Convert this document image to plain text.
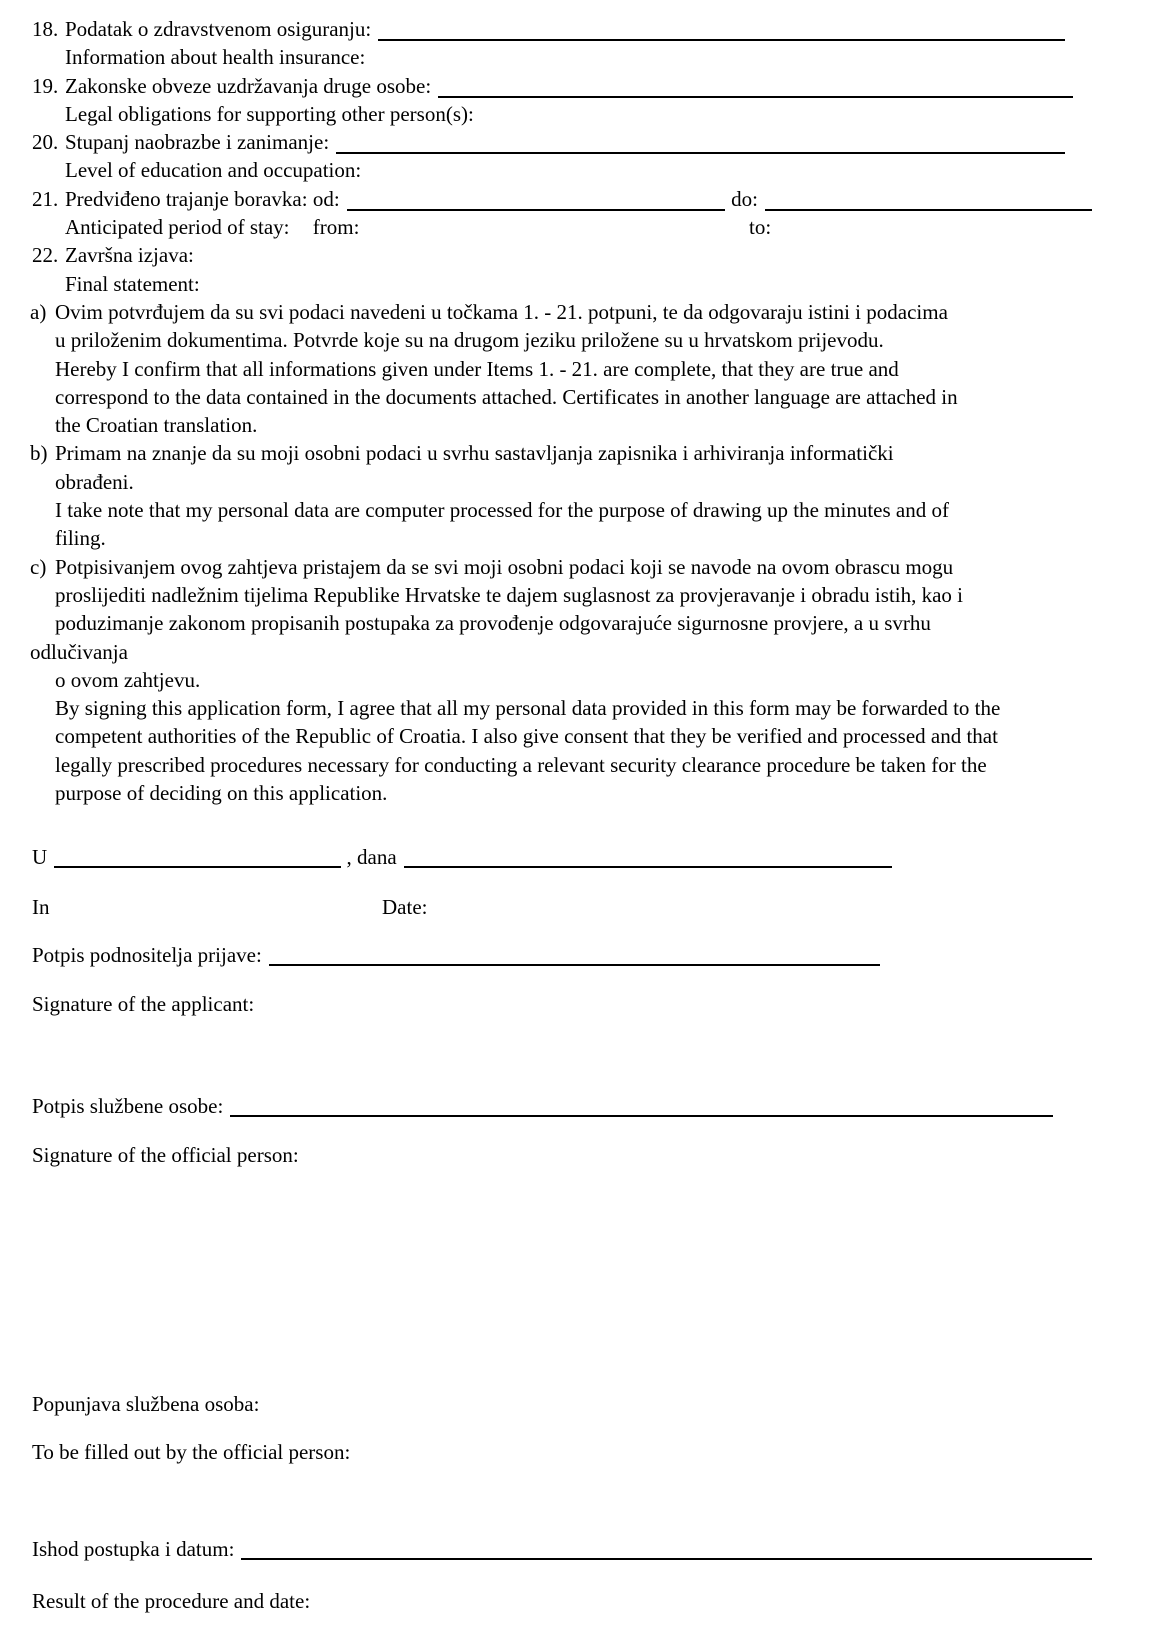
18. Podatak o zdravstvenom osiguranju:
Information about health insurance:
19. Zakonske obveze uzdržavanja druge osobe:
Legal obligations for supporting other person(s):
20. Stupanj naobrazbe i zanimanje:
Level of education and occupation:
21. Predviđeno trajanje boravka: od:	do:
Anticipated period of stay: from:	to:
22. Završna izjava:
Final statement:
a) Ovim potvrđujem da su svi podaci navedeni u točkama 1. - 21. potpuni, te da odgovaraju istini i podacima
u priloženim dokumentima. Potvrde koje su na drugom jeziku priložene su u hrvatskom prijevodu.
Hereby I confirm that all informations given under Items 1. - 21. are complete, that they are true and
correspond to the data contained in the documents attached. Certificates in another language are attached in
the Croatian translation.
b) Primam na znanje da su moji osobni podaci u svrhu sastavljanja zapisnika i arhiviranja informatički
obrađeni.
I take note that my personal data are computer processed for the purpose of drawing up the minutes and of
filing.
c) Potpisivanjem ovog zahtjeva pristajem da se svi moji osobni podaci koji se navode na ovom obrascu mogu
proslijediti nadležnim tijelima Republike Hrvatske te dajem suglasnost za provjeravanje i obradu istih, kao i
poduzimanje zakonom propisanih postupaka za provođenje odgovarajuće sigurnosne provjere, a u svrhu
odlučivanja
o ovom zahtjevu.
By signing this application form, I agree that all my personal data provided in this form may be forwarded to the
competent authorities of the Republic of Croatia. I also give consent that they be verified and processed and that
legally prescribed procedures necessary for conducting a relevant security clearance procedure be taken for the
purpose of deciding on this application.
U	, dana
In	Date:
Potpis podnositelja prijave:
Signature of the applicant:
Potpis službene osobe:
Signature of the official person:
Popunjava službena osoba:
To be filled out by the official person:
Ishod postupka i datum:
Result of the procedure and date:
